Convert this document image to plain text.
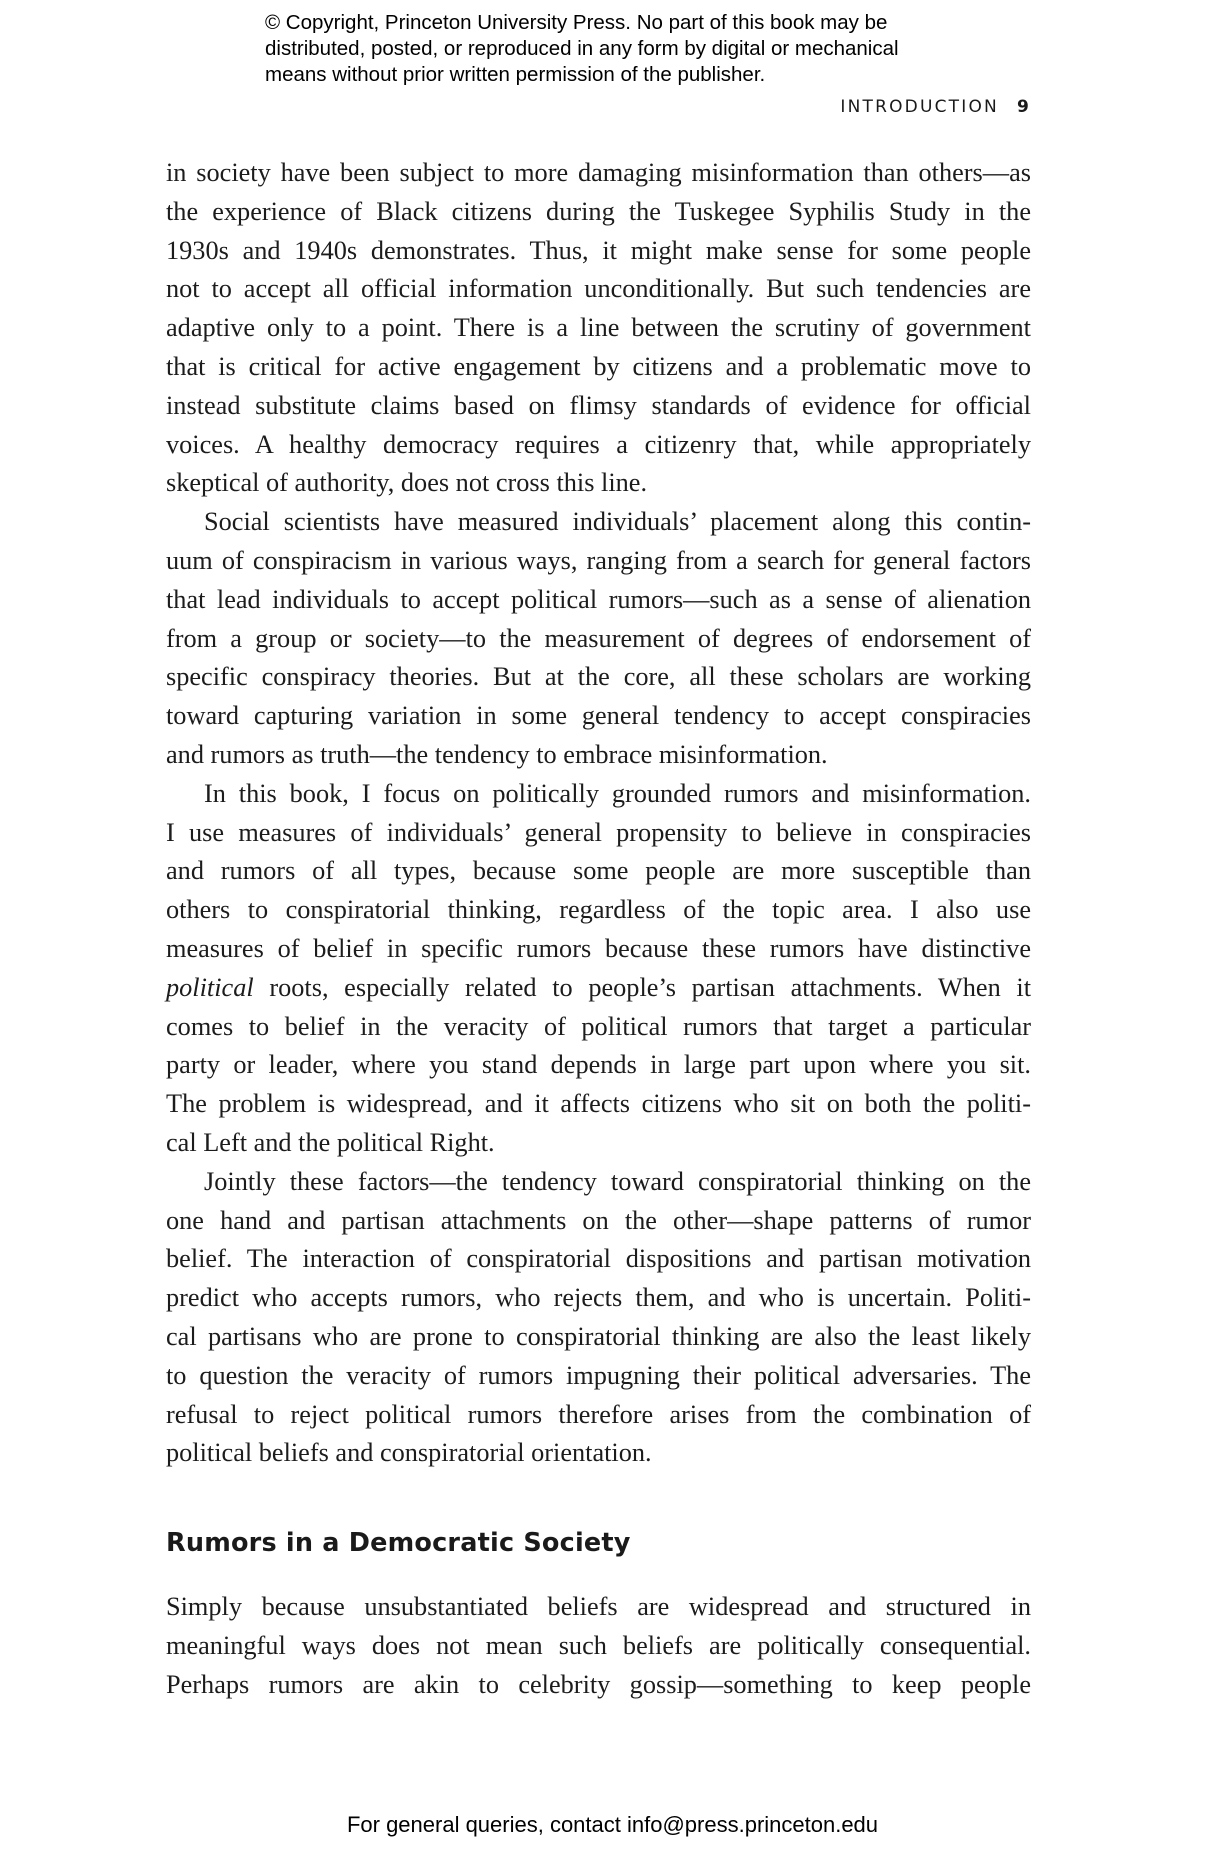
© Copyright, Princeton University Press. No part of this book may be
distributed, posted, or reproduced in any form by digital or mechanical
means without prior written permission of the publisher.
INTRODUCTION 9
in society have been subject to more damaging misinformation than others—as
the experience of Black citizens during the Tuskegee Syphilis Study in the
1930s and 1940s demonstrates. Thus, it might make sense for some people
not to accept all official information unconditionally. But such tendencies are
adaptive only to a point. There is a line between the scrutiny of government
that is critical for active engagement by citizens and a problematic move to
instead substitute claims based on flimsy standards of evidence for official
voices. A healthy democracy requires a citizenry that, while appropriately
skeptical of authority, does not cross this line.
Social scientists have measured individuals’ placement along this contin-
uum of conspiracism in various ways, ranging from a search for general factors
that lead individuals to accept political rumors—such as a sense of alienation
from a group or society—to the measurement of degrees of endorsement of
specific conspiracy theories. But at the core, all these scholars are working
toward capturing variation in some general tendency to accept conspiracies
and rumors as truth—the tendency to embrace misinformation.
In this book, I focus on politically grounded rumors and misinformation.
I use measures of individuals’ general propensity to believe in conspiracies
and rumors of all types, because some people are more susceptible than
others to conspiratorial thinking, regardless of the topic area. I also use
measures of belief in specific rumors because these rumors have distinctive
political roots, especially related to people’s partisan attachments. When it
comes to belief in the veracity of political rumors that target a particular
party or leader, where you stand depends in large part upon where you sit.
The problem is widespread, and it affects citizens who sit on both the politi-
cal Left and the political Right.
Jointly these factors—the tendency toward conspiratorial thinking on the
one hand and partisan attachments on the other—shape patterns of rumor
belief. The interaction of conspiratorial dispositions and partisan motivation
predict who accepts rumors, who rejects them, and who is uncertain. Politi-
cal partisans who are prone to conspiratorial thinking are also the least likely
to question the veracity of rumors impugning their political adversaries. The
refusal to reject political rumors therefore arises from the combination of
political beliefs and conspiratorial orientation.
Rumors in a Democratic Society
Simply because unsubstantiated beliefs are widespread and structured in
meaningful ways does not mean such beliefs are politically consequential.
Perhaps rumors are akin to celebrity gossip—something to keep people
For general queries, contact info@press.princeton.edu
